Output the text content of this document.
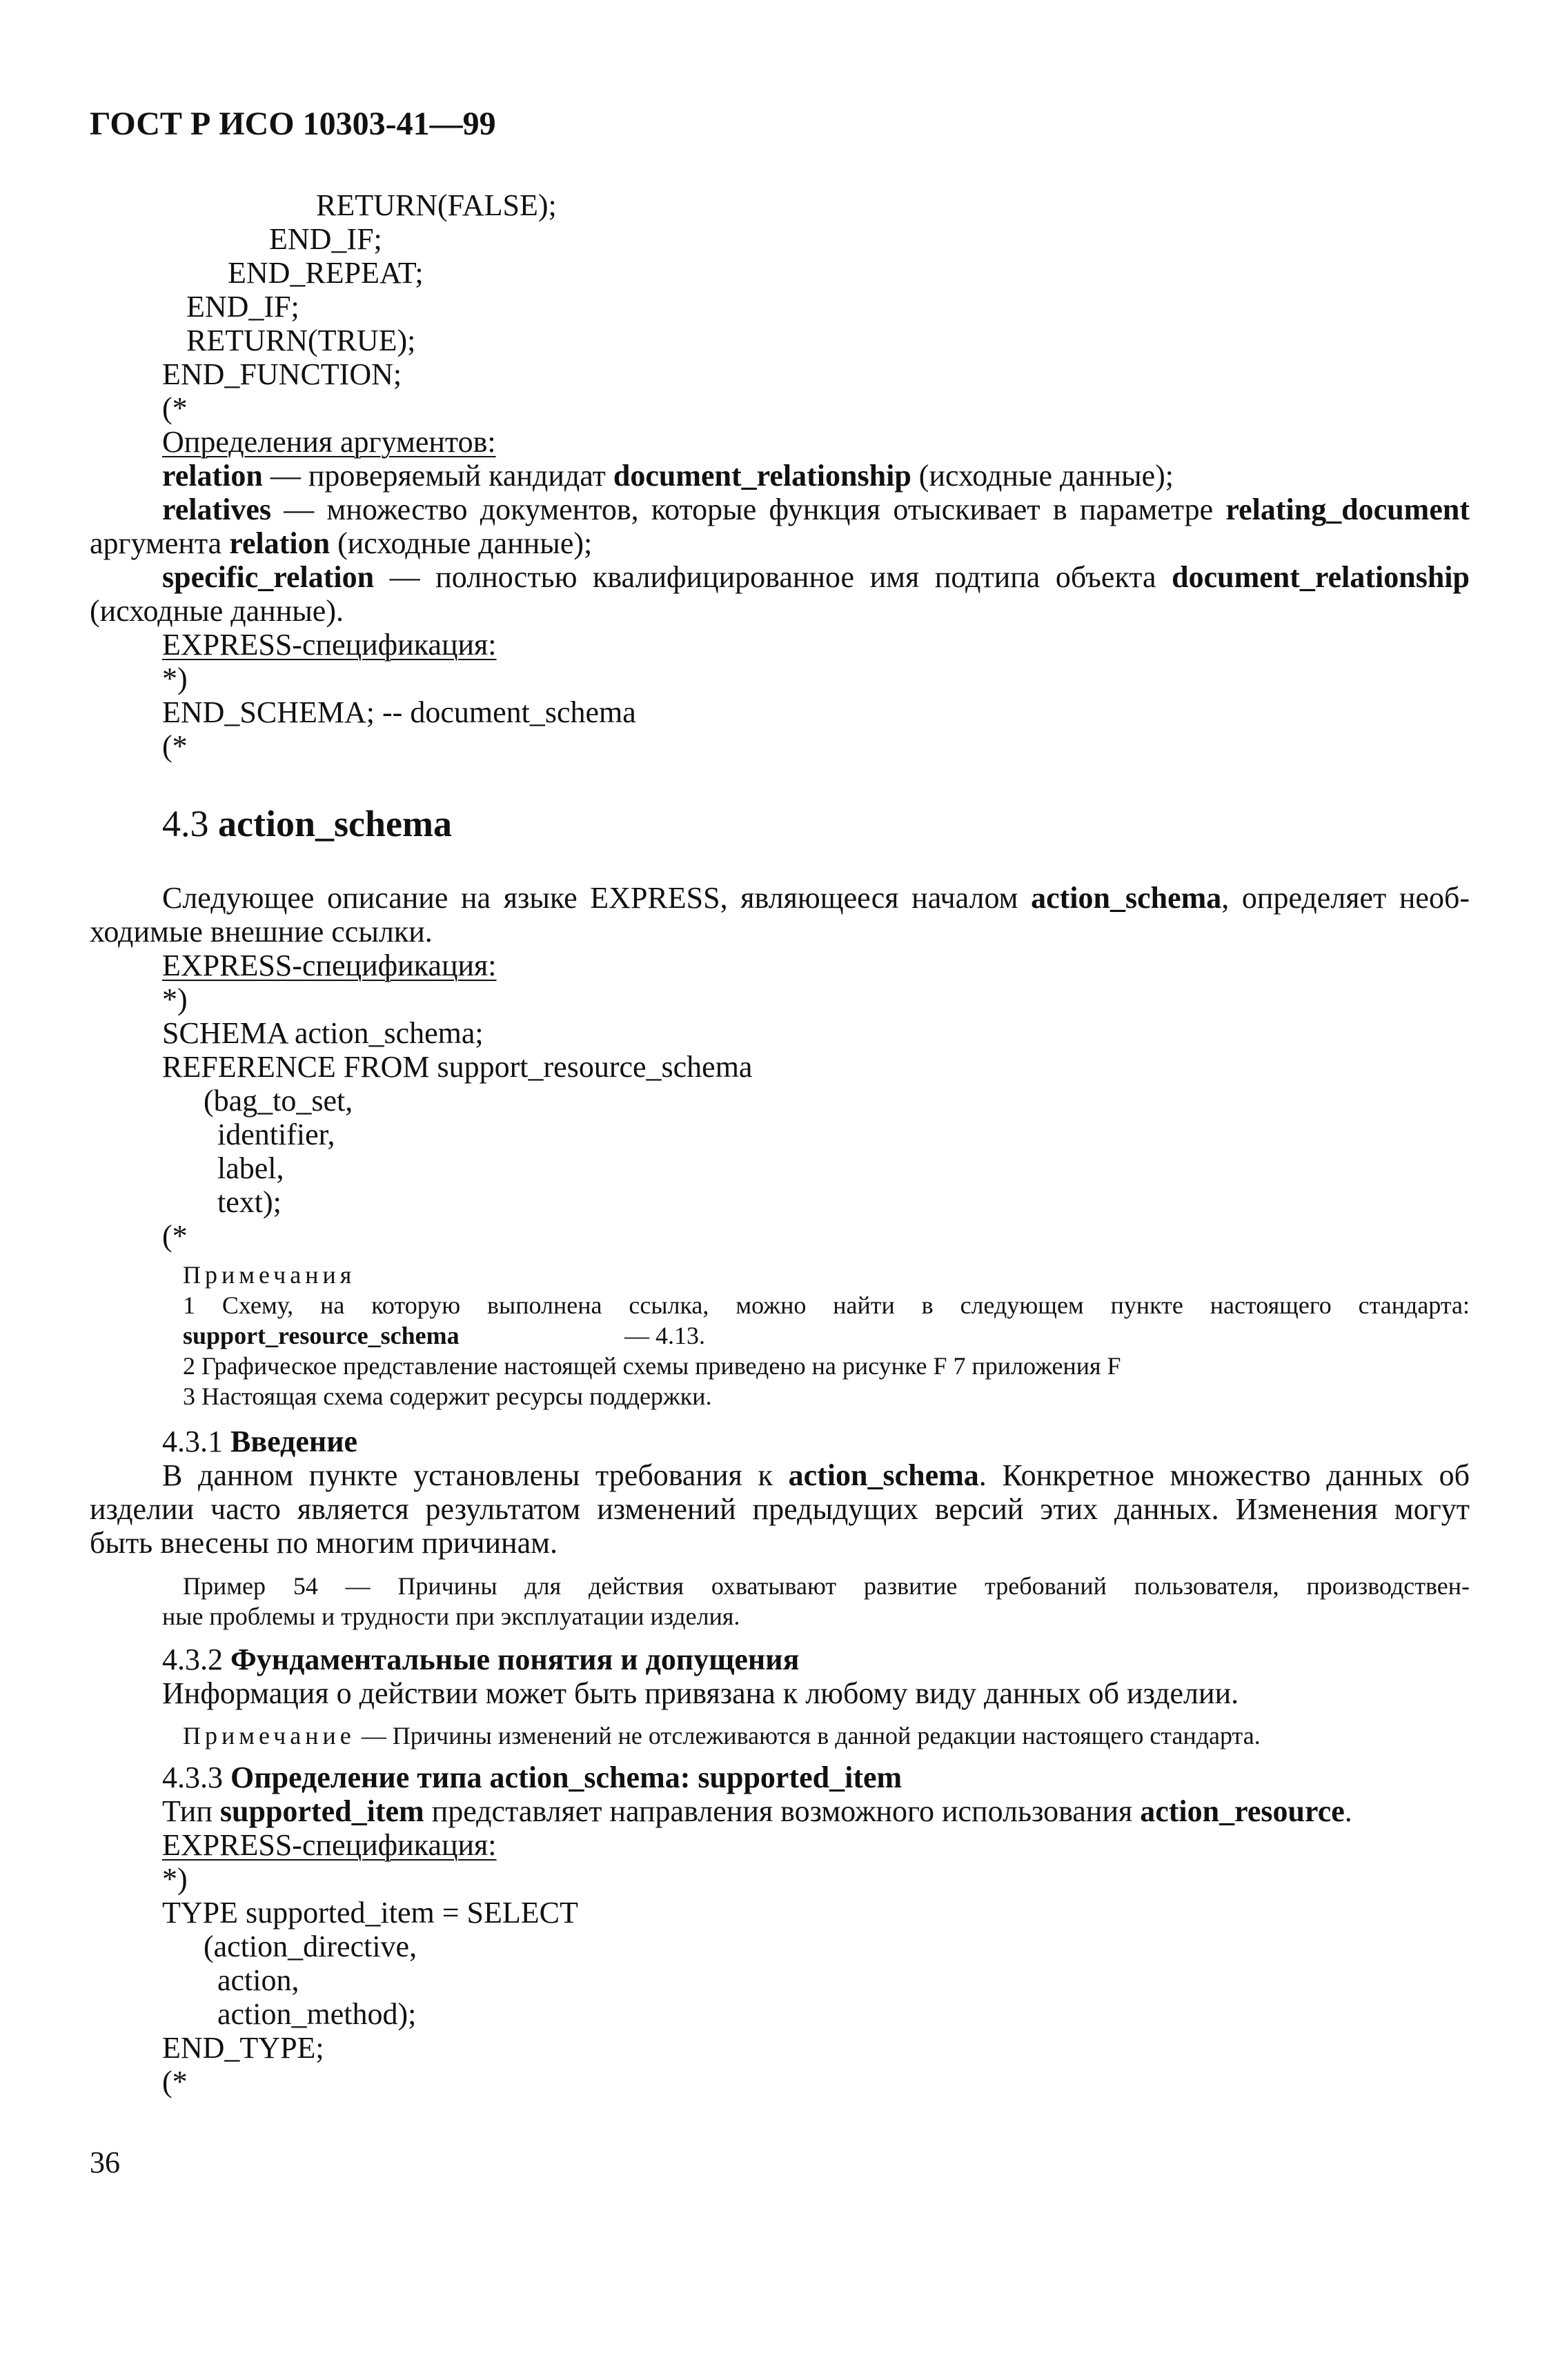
ГОСТ Р ИСО 10303-41—99
RETURN(FALSE);
END_IF;
END_REPEAT;
END_IF;
RETURN(TRUE);
END_FUNCTION;
(*
Определения аргументов:
relation — проверяемый кандидат document_relationship (исходные данные);
relatives — множество документов, которые функция отыскивает в параметре relating_document
аргумента relation (исходные данные);
specific_relation — полностью квалифицированное имя подтипа объекта document_relationship
(исходные данные).
EXPRESS-спецификация:
*)
END_SCHEMA; -- document_schema
(*
4.3 action_schema
Следующее описание на языке EXPRESS, являющееся началом action_schema, определяет необ-
ходимые внешние ссылки.
EXPRESS-спецификация:
*)
SCHEMA action_schema;
REFERENCE FROM support_resource_schema
(bag_to_set,
identifier,
label,
text);
(*
Примечания
1 Схему, на которую выполнена ссылка, можно найти в следующем пункте настоящего стандарта:
support_resource_schema	— 4.13.
2 Графическое представление настоящей схемы приведено на рисунке F 7 приложения F
3 Настоящая схема содержит ресурсы поддержки.
4.3.1 Введение
В данном пункте установлены требования к action_schema. Конкретное множество данных об
изделии часто является результатом изменений предыдущих версий этих данных. Изменения могут
быть внесены по многим причинам.
Пример 54 — Причины для действия охватывают развитие требований пользователя, производствен-
ные проблемы и трудности при эксплуатации изделия.
4.3.2 Фундаментальные понятия и допущения
Информация о действии может быть привязана к любому виду данных об изделии.
Примечание — Причины изменений не отслеживаются в данной редакции настоящего стандарта.
4.3.3 Определение типа action_schema: supported_item
Тип supported_item представляет направления возможного использования action_resource.
EXPRESS-спецификация:
*)
TYPE supported_item = SELECT
(action_directive,
action,
action_method);
END_TYPE;
(*
36
